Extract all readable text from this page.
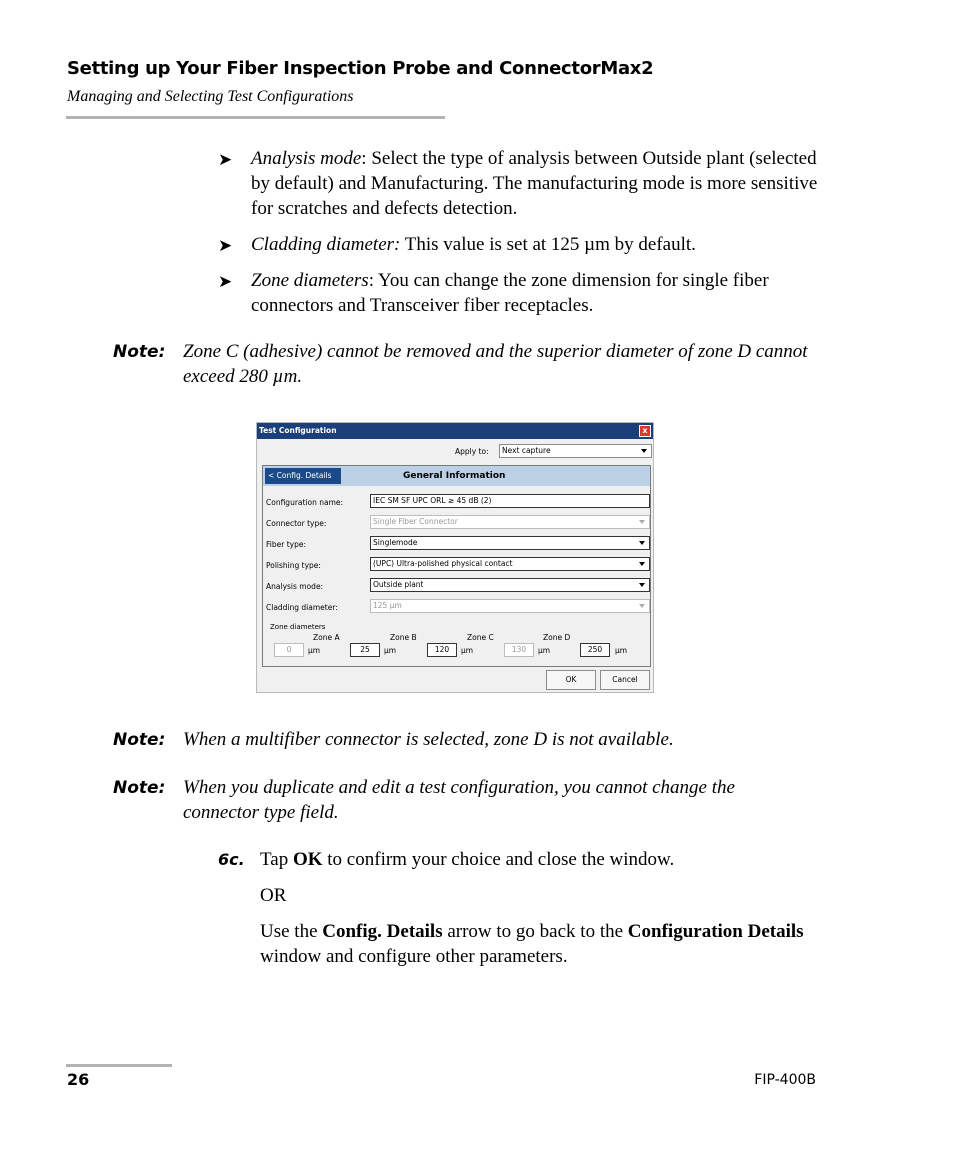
Setting up Your Fiber Inspection Probe and ConnectorMax2
Managing and Selecting Test Configurations
➤ Analysis mode: Select the type of analysis between Outside plant (selected by default) and Manufacturing. The manufacturing mode is more sensitive for scratches and defects detection.
➤ Cladding diameter: This value is set at 125 µm by default.
➤ Zone diameters: You can change the zone dimension for single fiber connectors and Transceiver fiber receptacles.
Note: Zone C (adhesive) cannot be removed and the superior diameter of zone D cannot exceed 280 µm.
Test Configuration	x
Apply to:	Next capture
< Config. Details	General Information
Configuration name:	IEC SM SF UPC ORL ≥ 45 dB (2)
Connector type:	Single Fiber Connector
Fiber type:	Singlemode
Polishing type:	(UPC) Ultra-polished physical contact
Analysis mode:	Outside plant
Cladding diameter:	125 µm
Zone diameters
Zone A	Zone B	Zone C	Zone D
0	µm	25	µm	120	µm	130	µm	250	µm
OK	Cancel
Note: When a multifiber connector is selected, zone D is not available.
Note: When you duplicate and edit a test configuration, you cannot change the connector type field.
6c. Tap OK to confirm your choice and close the window.
OR
Use the Config. Details arrow to go back to the Configuration Details window and configure other parameters.
26	FIP-400B
